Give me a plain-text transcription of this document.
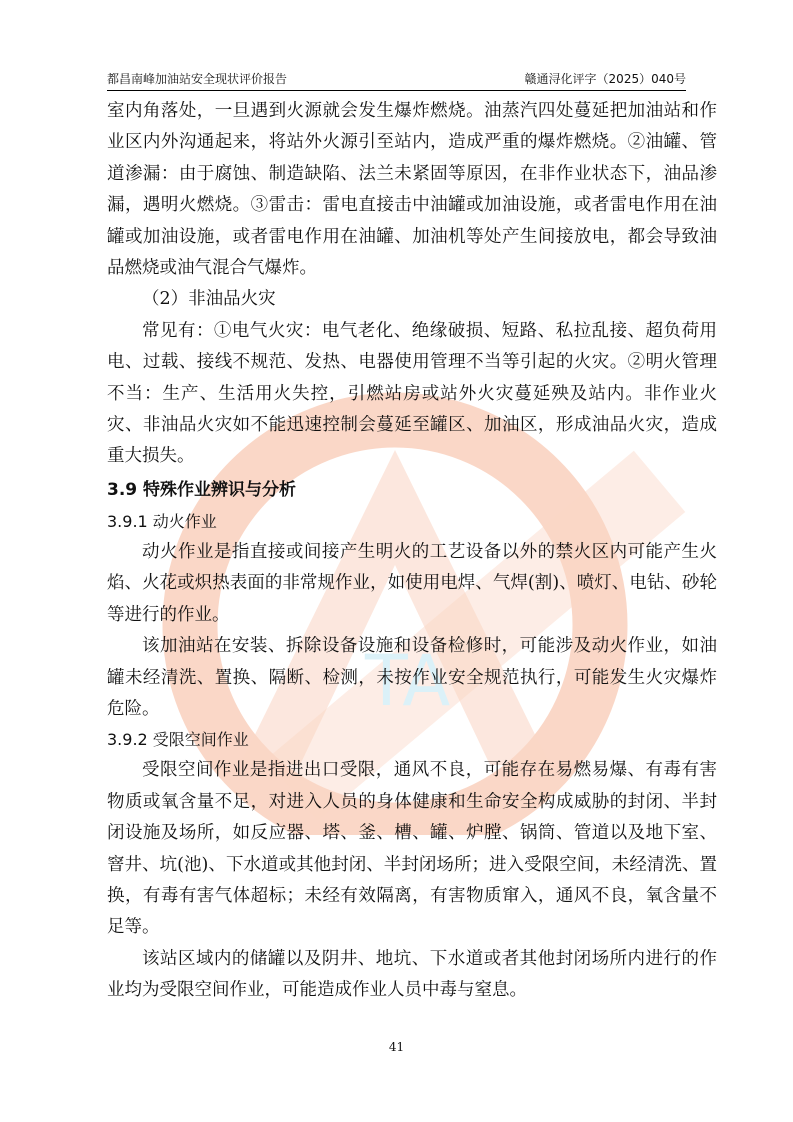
都昌南峰加油站安全现状评价报告	赣通浔化评字（2025）040号
TA

室内角落处，一旦遇到火源就会发生爆炸燃烧。油蒸汽四处蔓延把加油站和作业区内外沟通起来，将站外火源引至站内，造成严重的爆炸燃烧。②油罐、管道渗漏：由于腐蚀、制造缺陷、法兰未紧固等原因，在非作业状态下，油品渗漏，遇明火燃烧。③雷击：雷电直接击中油罐或加油设施，或者雷电作用在油罐或加油设施，或者雷电作用在油罐、加油机等处产生间接放电，都会导致油品燃烧或油气混合气爆炸。

（2）非油品火灾

常见有：①电气火灾：电气老化、绝缘破损、短路、私拉乱接、超负荷用电、过载、接线不规范、发热、电器使用管理不当等引起的火灾。②明火管理不当：生产、生活用火失控，引燃站房或站外火灾蔓延殃及站内。非作业火灾、非油品火灾如不能迅速控制会蔓延至罐区、加油区，形成油品火灾，造成重大损失。

3.9 特殊作业辨识与分析

3.9.1 动火作业

动火作业是指直接或间接产生明火的工艺设备以外的禁火区内可能产生火焰、火花或炽热表面的非常规作业，如使用电焊、气焊(割)、喷灯、电钻、砂轮等进行的作业。

该加油站在安装、拆除设备设施和设备检修时，可能涉及动火作业，如油罐未经清洗、置换、隔断、检测，未按作业安全规范执行，可能发生火灾爆炸危险。

3.9.2 受限空间作业

受限空间作业是指进出口受限，通风不良，可能存在易燃易爆、有毒有害物质或氧含量不足，对进入人员的身体健康和生命安全构成威胁的封闭、半封闭设施及场所，如反应器、塔、釜、槽、罐、炉膛、锅筒、管道以及地下室、窨井、坑(池)、下水道或其他封闭、半封闭场所；进入受限空间，未经清洗、置换，有毒有害气体超标；未经有效隔离，有害物质窜入，通风不良，氧含量不足等。

该站区域内的储罐以及阴井、地坑、下水道或者其他封闭场所内进行的作业均为受限空间作业，可能造成作业人员中毒与窒息。

41
